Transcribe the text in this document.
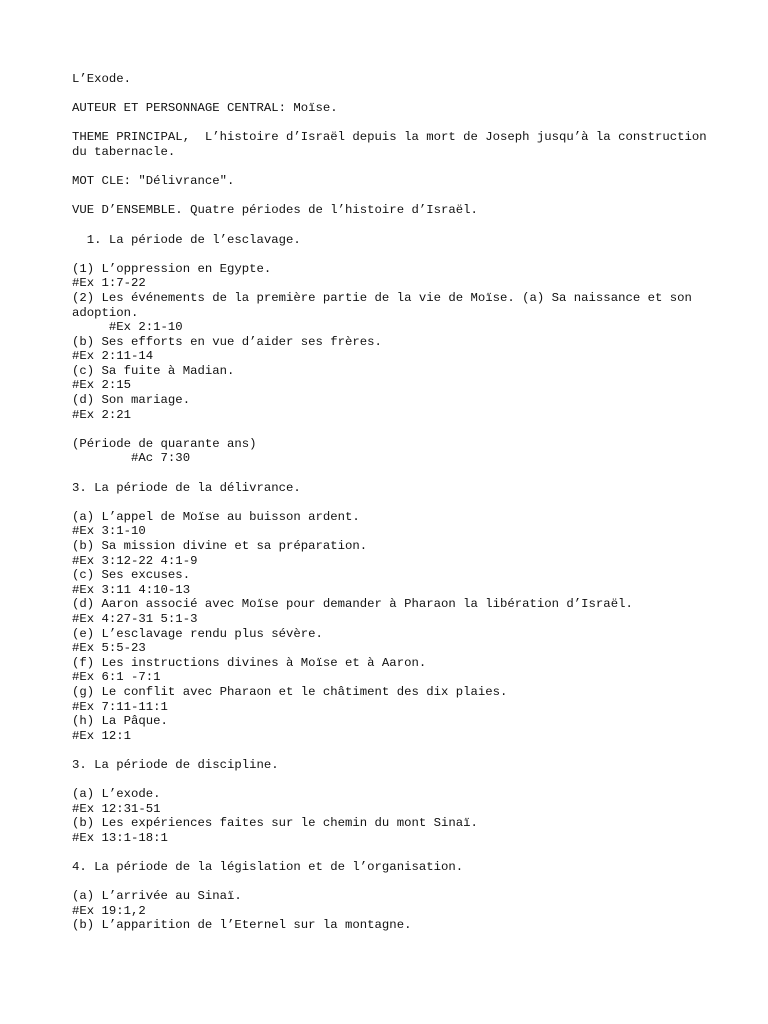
L’Exode.
AUTEUR ET PERSONNAGE CENTRAL: Moïse.
THEME PRINCIPAL,  L’histoire d’Israël depuis la mort de Joseph jusqu’à la construction du tabernacle.
MOT CLE: "Délivrance".
VUE D’ENSEMBLE. Quatre périodes de l’histoire d’Israël.
1. La période de l’esclavage.
(1) L’oppression en Egypte.
#Ex 1:7-22
(2) Les événements de la première partie de la vie de Moïse. (a) Sa naissance et son adoption.
#Ex 2:1-10
(b) Ses efforts en vue d’aider ses frères.
#Ex 2:11-14
(c) Sa fuite à Madian.
#Ex 2:15
(d) Son mariage.
#Ex 2:21
(Période de quarante ans)
#Ac 7:30
3. La période de la délivrance.
(a) L’appel de Moïse au buisson ardent.
#Ex 3:1-10
(b) Sa mission divine et sa préparation.
#Ex 3:12-22 4:1-9
(c) Ses excuses.
#Ex 3:11 4:10-13
(d) Aaron associé avec Moïse pour demander à Pharaon la libération d’Israël.
#Ex 4:27-31 5:1-3
(e) L’esclavage rendu plus sévère.
#Ex 5:5-23
(f) Les instructions divines à Moïse et à Aaron.
#Ex 6:1 -7:1
(g) Le conflit avec Pharaon et le châtiment des dix plaies.
#Ex 7:11-11:1
(h) La Pâque.
#Ex 12:1
3. La période de discipline.
(a) L’exode.
#Ex 12:31-51
(b) Les expériences faites sur le chemin du mont Sinaï.
#Ex 13:1-18:1
4. La période de la législation et de l’organisation.
(a) L’arrivée au Sinaï.
#Ex 19:1,2
(b) L’apparition de l’Eternel sur la montagne.
